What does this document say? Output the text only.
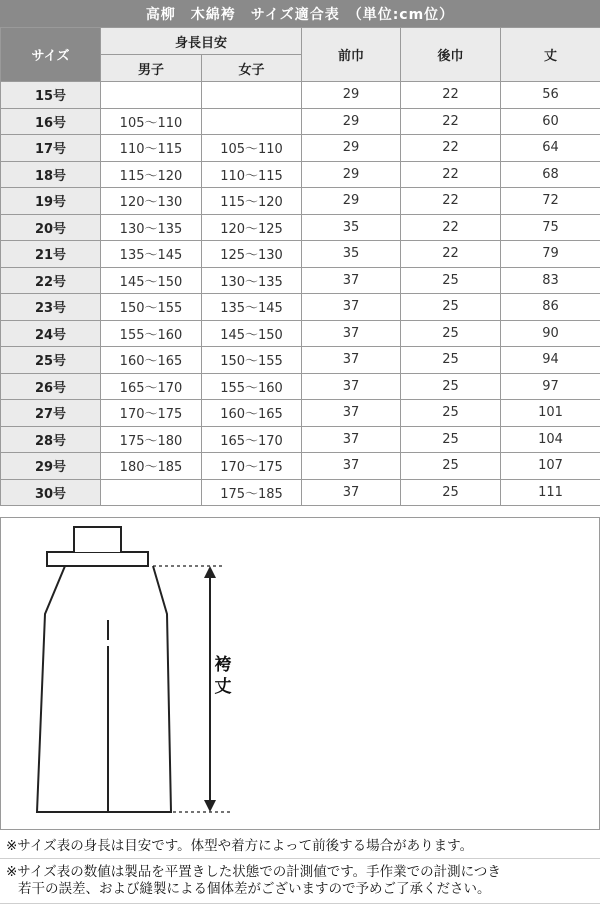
高柳　木綿袴　サイズ適合表　（単位:cm位）
サイズ	身長目安		前巾	後巾	丈
	男子	女子			
15号			29	22	56
16号	105〜110		29	22	60
17号	110〜115	105〜110	29	22	64
18号	115〜120	110〜115	29	22	68
19号	120〜130	115〜120	29	22	72
20号	130〜135	120〜125	35	22	75
21号	135〜145	125〜130	35	22	79
22号	145〜150	130〜135	37	25	83
23号	150〜155	135〜145	37	25	86
24号	155〜160	145〜150	37	25	90
25号	160〜165	150〜155	37	25	94
26号	165〜170	155〜160	37	25	97
27号	170〜175	160〜165	37	25	101
28号	175〜180	165〜170	37	25	104
29号	180〜185	170〜175	37	25	107
30号		175〜185	37	25	111
袴
丈
※サイズ表の身長は目安です。体型や着方によって前後する場合があります。
※サイズ表の数値は製品を平置きした状態での計測値です。手作業での計測につき
若干の誤差、および縫製による個体差がございますので予めご了承ください。
